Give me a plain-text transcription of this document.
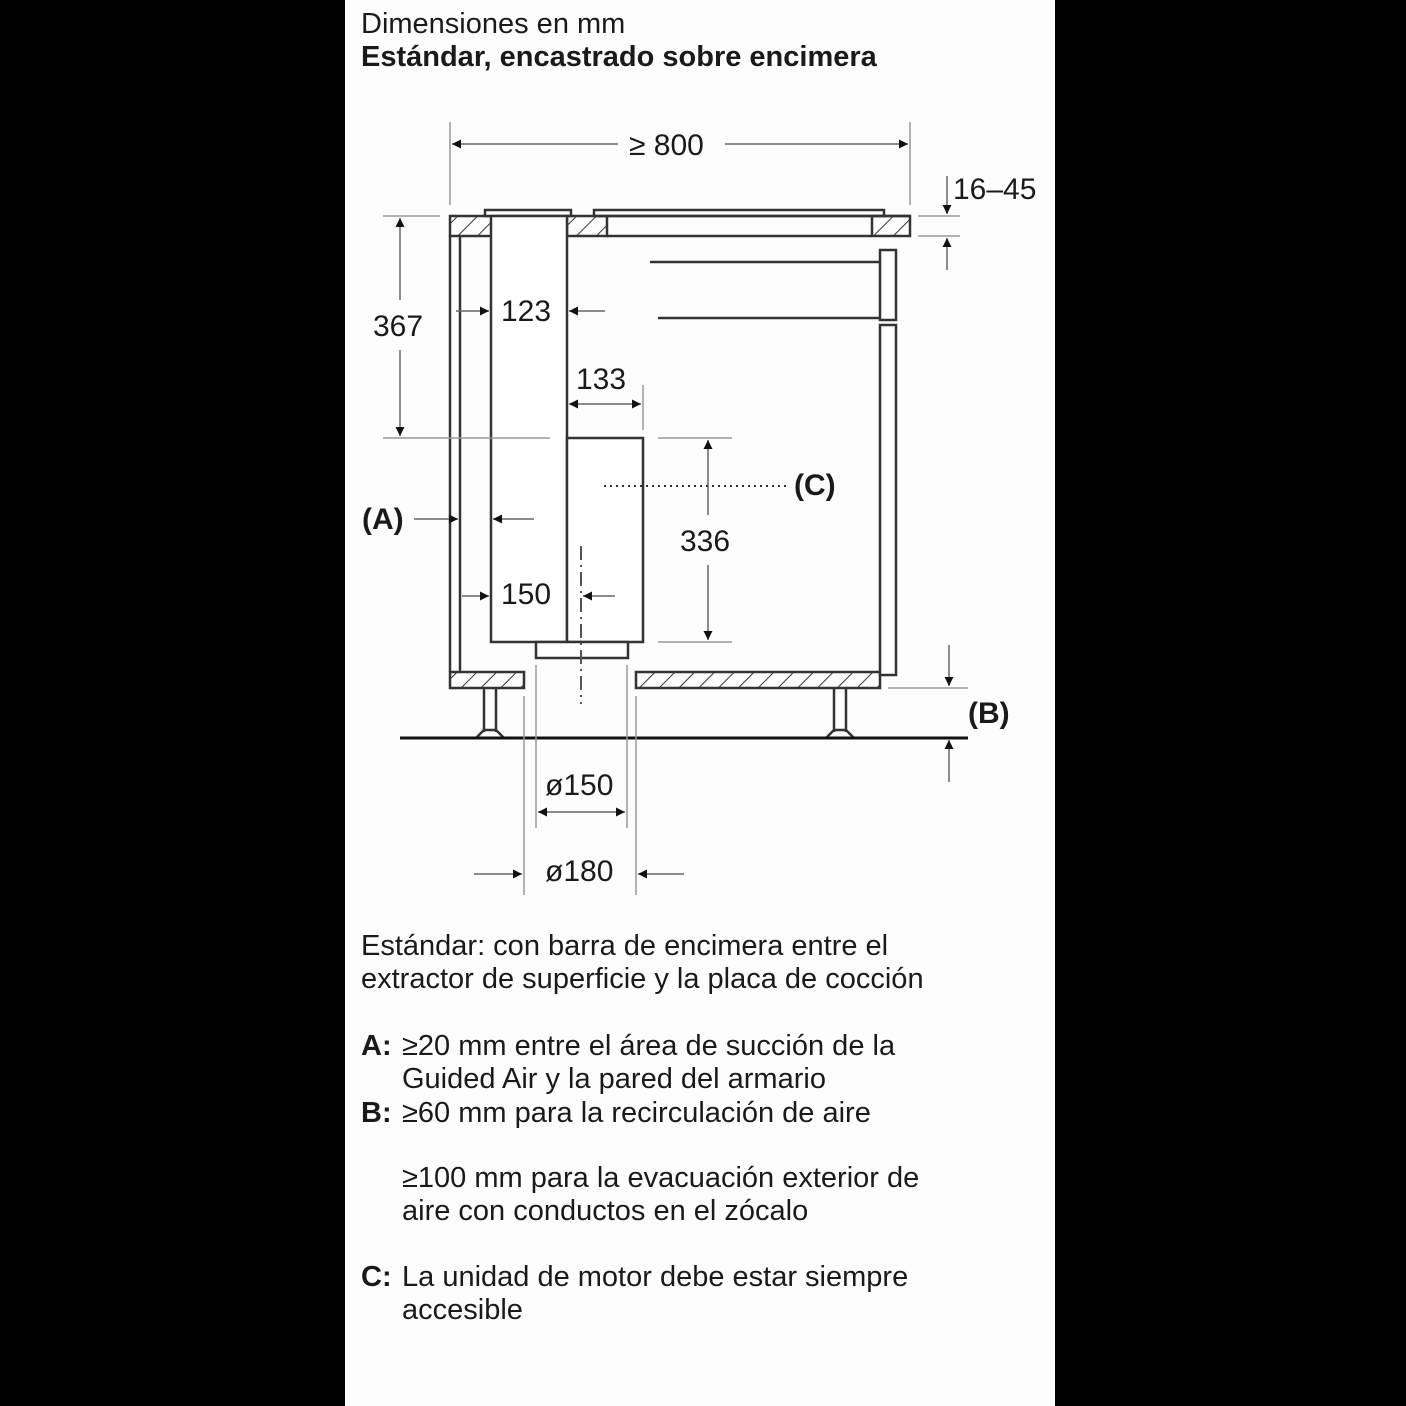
Dimensiones en mm
Estándar, encastrado sobre encimera
≥ 800
16–45
367	123
133
336
150
ø150
ø180
(A)
(C)
(B)
Estándar: con barra de encimera entre el
extractor de superficie y la placa de cocción
A: ≥20 mm entre el área de succión de la
Guided Air y la pared del armario
B: ≥60 mm para la recirculación de aire
≥100 mm para la evacuación exterior de
aire con conductos en el zócalo
C: La unidad de motor debe estar siempre
accesible
